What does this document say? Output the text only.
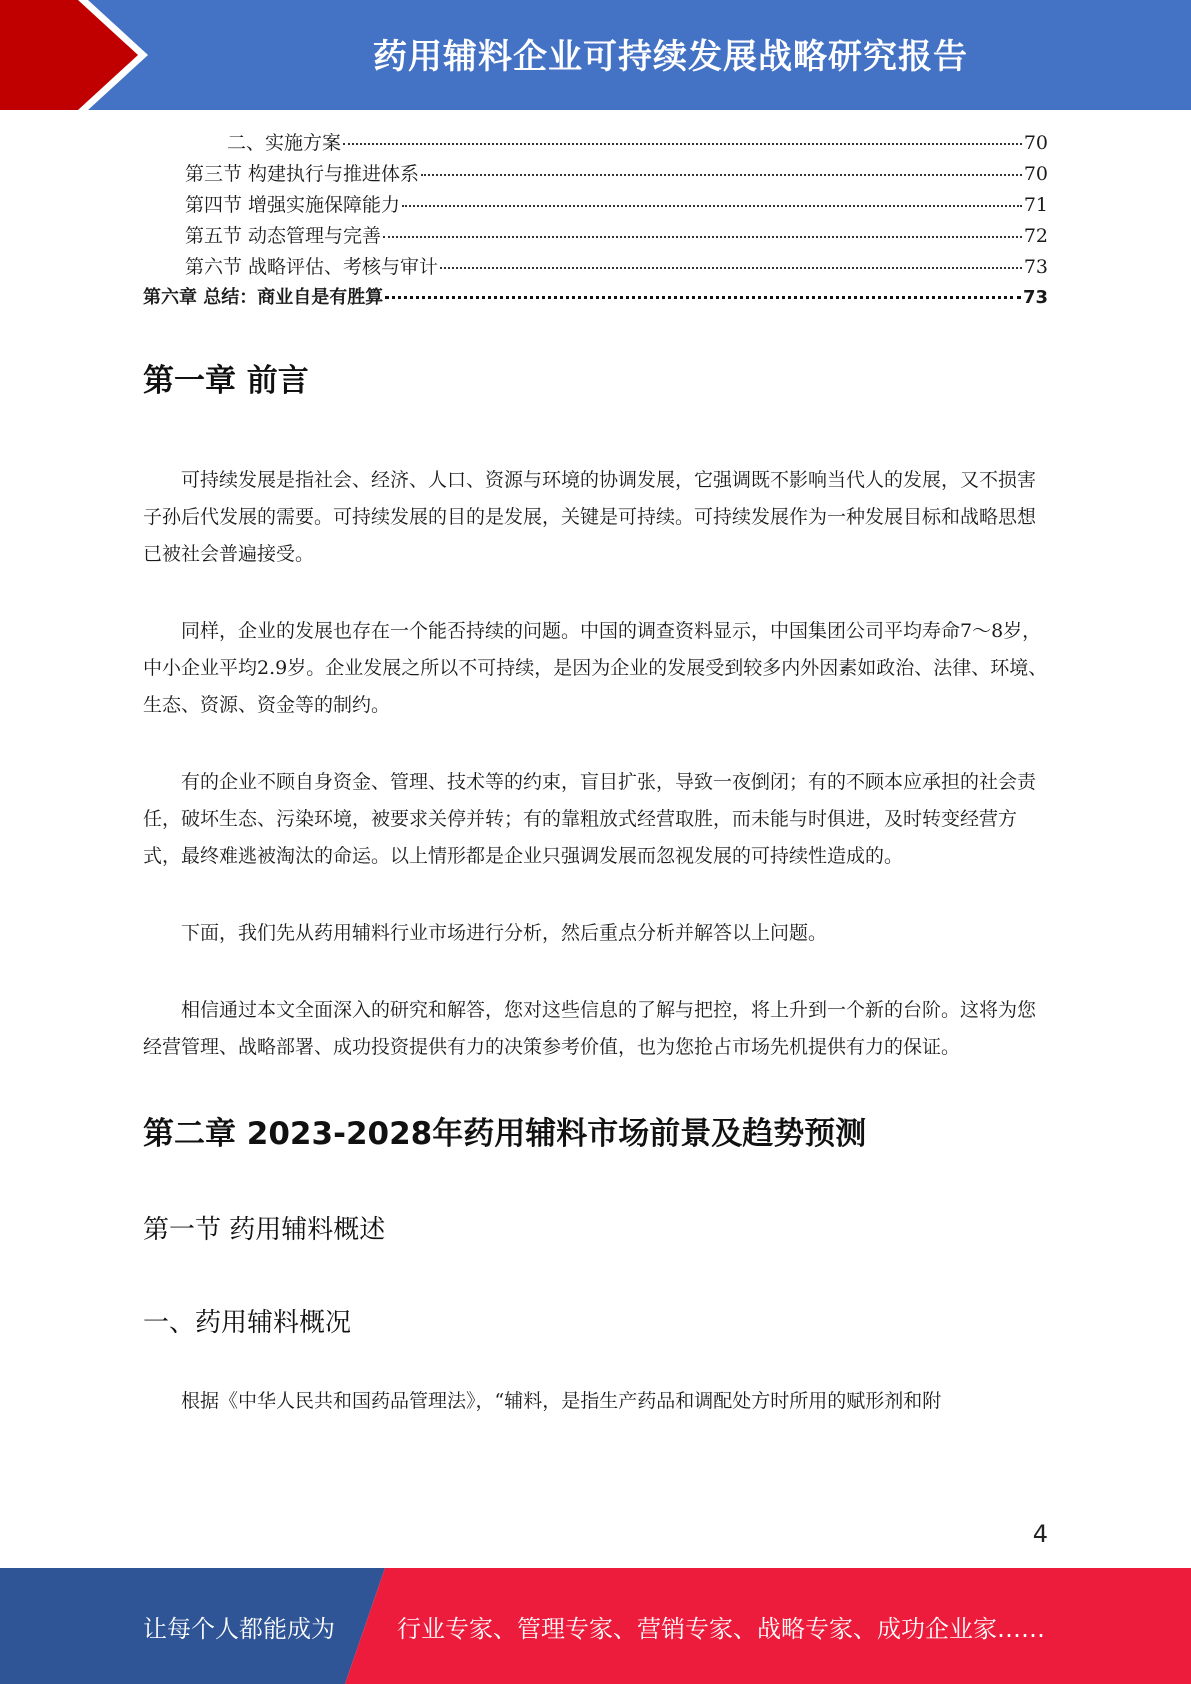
药用辅料企业可持续发展战略研究报告
二、实施方案	70
第三节 构建执行与推进体系	70
第四节 增强实施保障能力	71
第五节 动态管理与完善	72
第六节 战略评估、考核与审计	73
第六章 总结：商业自是有胜算	73
第一章 前言

可持续发展是指社会、经济、人口、资源与环境的协调发展，它强调既不影响当代人的发展，又不损害子孙后代发展的需要。可持续发展的目的是发展，关键是可持续。可持续发展作为一种发展目标和战略思想已被社会普遍接受。

同样，企业的发展也存在一个能否持续的问题。中国的调查资料显示，中国集团公司平均寿命7～8岁，中小企业平均2.9岁。企业发展之所以不可持续，是因为企业的发展受到较多内外因素如政治、法律、环境、生态、资源、资金等的制约。

有的企业不顾自身资金、管理、技术等的约束，盲目扩张，导致一夜倒闭；有的不顾本应承担的社会责任，破坏生态、污染环境，被要求关停并转；有的靠粗放式经营取胜，而未能与时俱进，及时转变经营方式，最终难逃被淘汰的命运。以上情形都是企业只强调发展而忽视发展的可持续性造成的。

下面，我们先从药用辅料行业市场进行分析，然后重点分析并解答以上问题。

相信通过本文全面深入的研究和解答，您对这些信息的了解与把控，将上升到一个新的台阶。这将为您经营管理、战略部署、成功投资提供有力的决策参考价值，也为您抢占市场先机提供有力的保证。

第二章 2023-2028年药用辅料市场前景及趋势预测
第一节 药用辅料概述
一、药用辅料概况

根据《中华人民共和国药品管理法》，“辅料，是指生产药品和调配处方时所用的赋形剂和附

4
让每个人都能成为	行业专家、管理专家、营销专家、战略专家、成功企业家……
